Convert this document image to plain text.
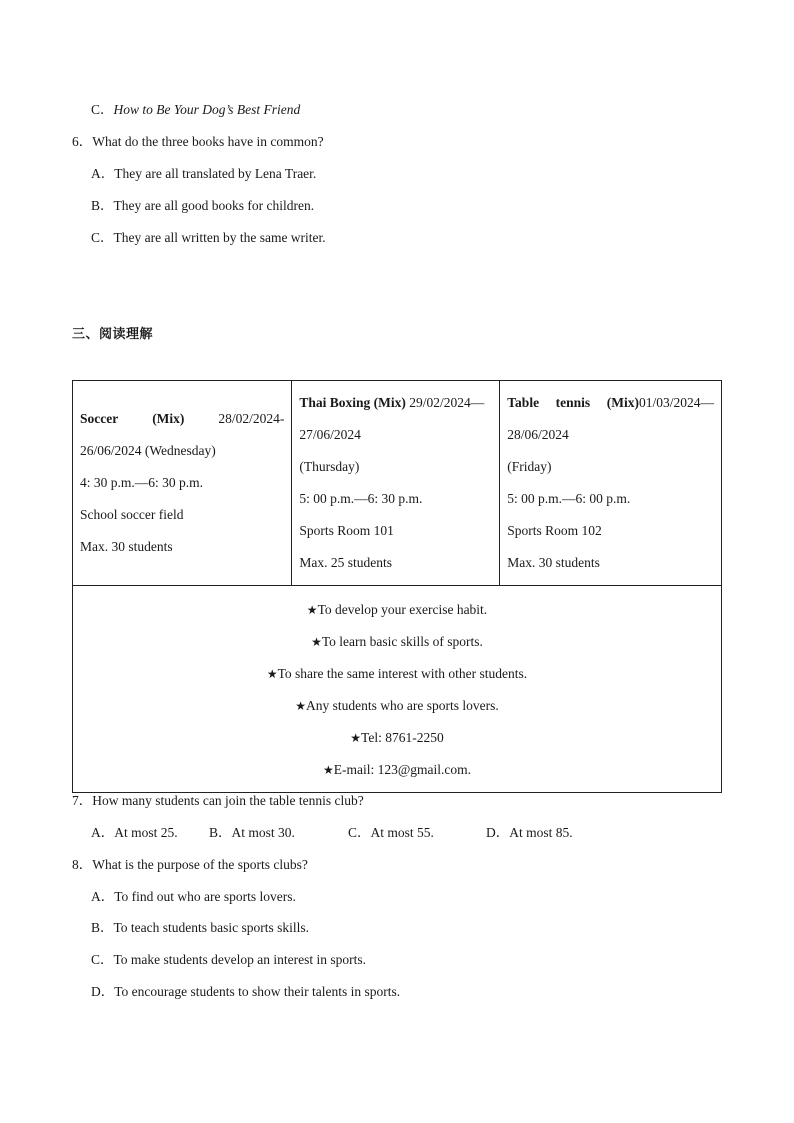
C．How to Be Your Dog’s Best Friend
6．What do the three books have in common?
A．They are all translated by Lena Traer.
B．They are all good books for children.
C．They are all written by the same writer.
三、阅读理解
Soccer	(Mix)	28/02/2024-
26/06/2024 (Wednesday)
4: 30 p.m.—6: 30 p.m.
School soccer field
Max. 30 students

Thai Boxing (Mix) 29/02/2024—
27/06/2024
(Thursday)
5: 00 p.m.—6: 30 p.m.
Sports Room 101
Max. 25 students

Table tennis (Mix)01/03/2024—
28/06/2024
(Friday)
5: 00 p.m.—6: 00 p.m.
Sports Room 102
Max. 30 students

★To develop your exercise habit.
★To learn basic skills of sports.
★To share the same interest with other students.
★Any students who are sports lovers.
★Tel: 8761-2250
★E-mail: 123@gmail.com.
7．How many students can join the table tennis club?
A．At most 25. B．At most 30.	C．At most 55.	D．At most 85.
8．What is the purpose of the sports clubs?
A．To find out who are sports lovers.
B．To teach students basic sports skills.
C．To make students develop an interest in sports.
D．To encourage students to show their talents in sports.
